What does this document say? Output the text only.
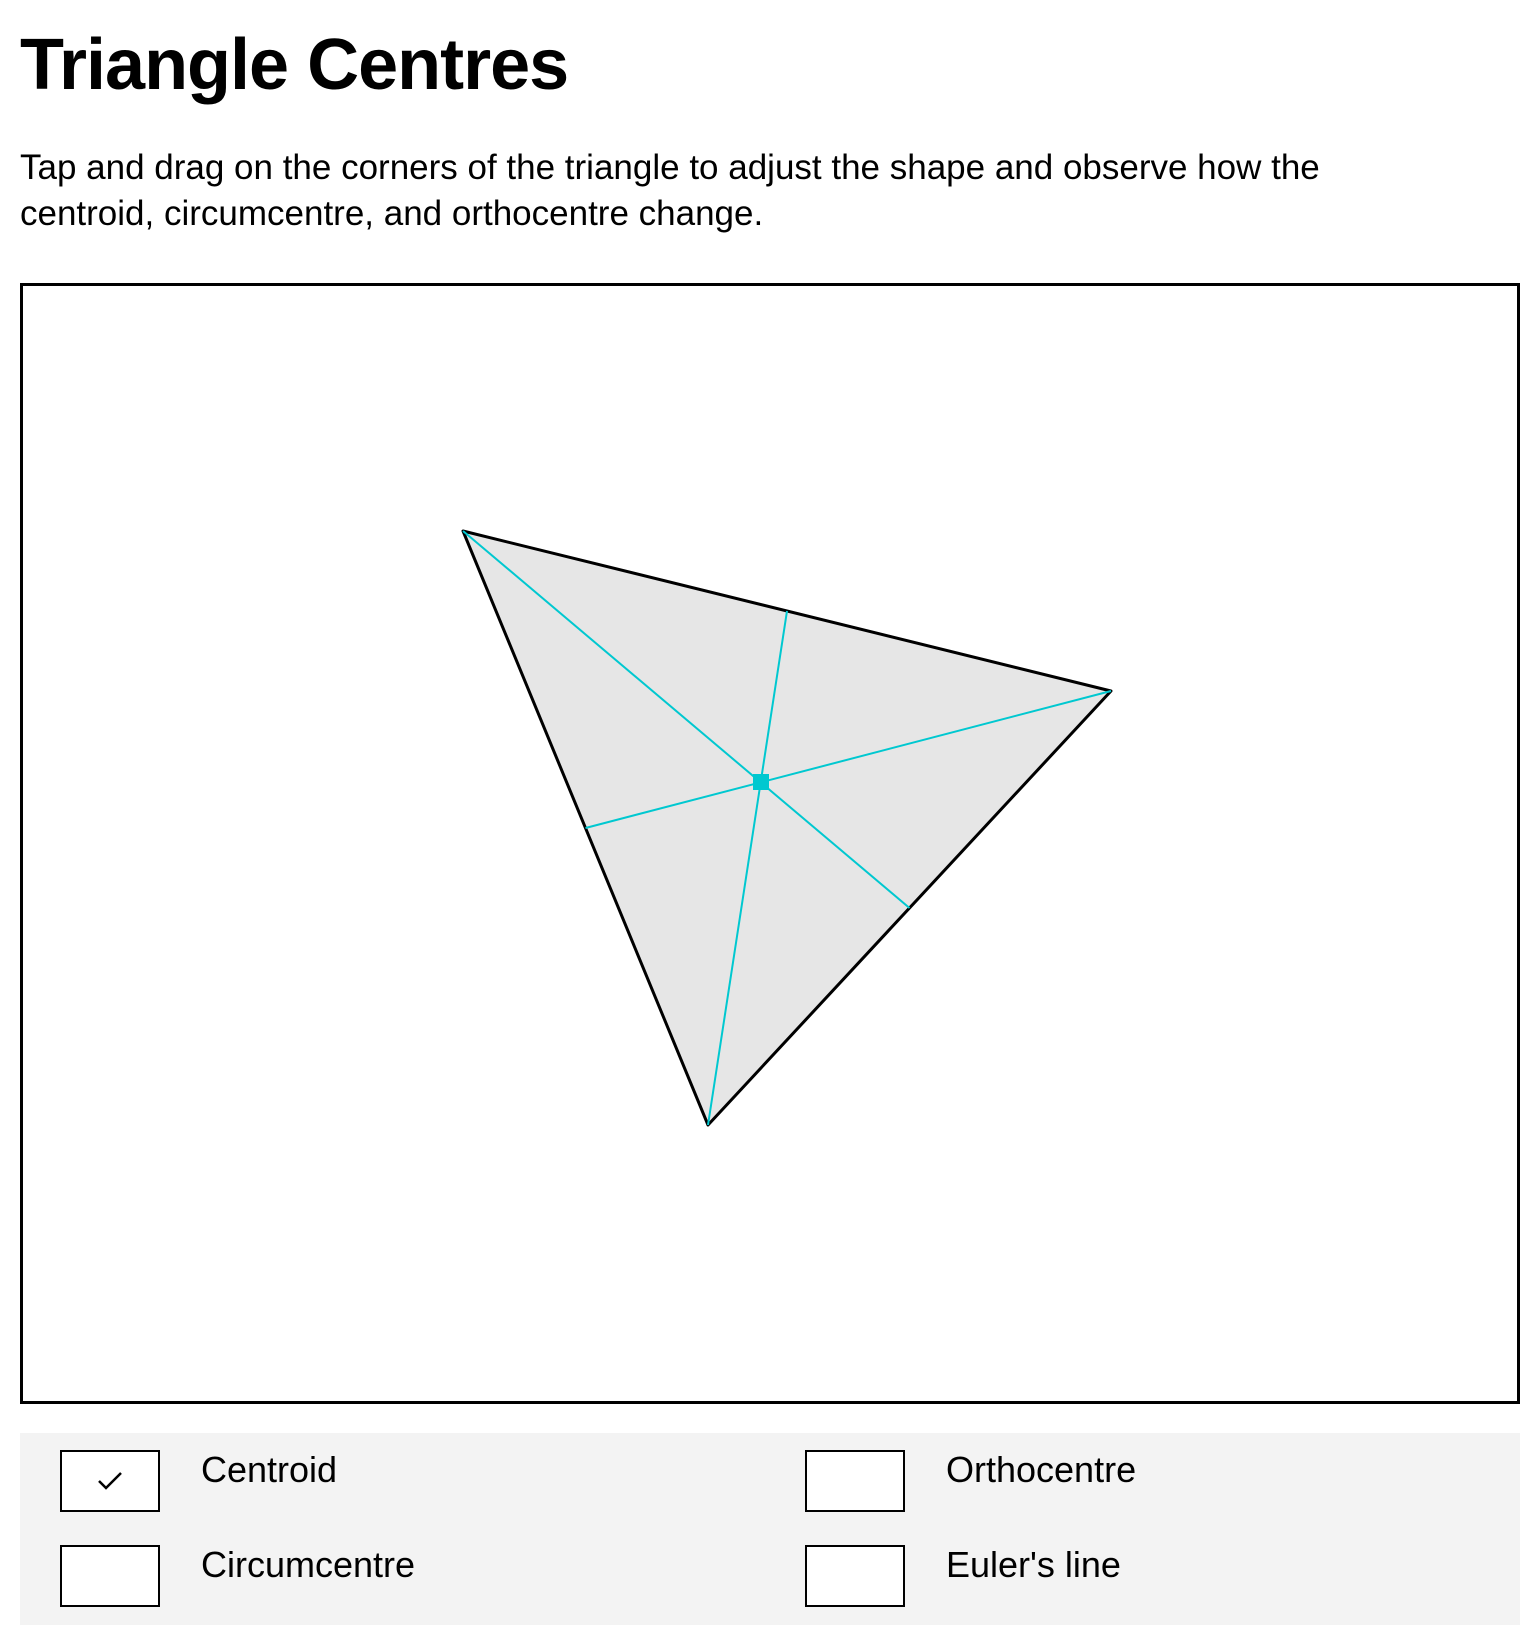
Triangle Centres

Tap and drag on the corners of the triangle to adjust the shape and observe how the centroid, circumcentre, and orthocentre change.

Centroid	Orthocentre
Circumcentre	Euler's line
